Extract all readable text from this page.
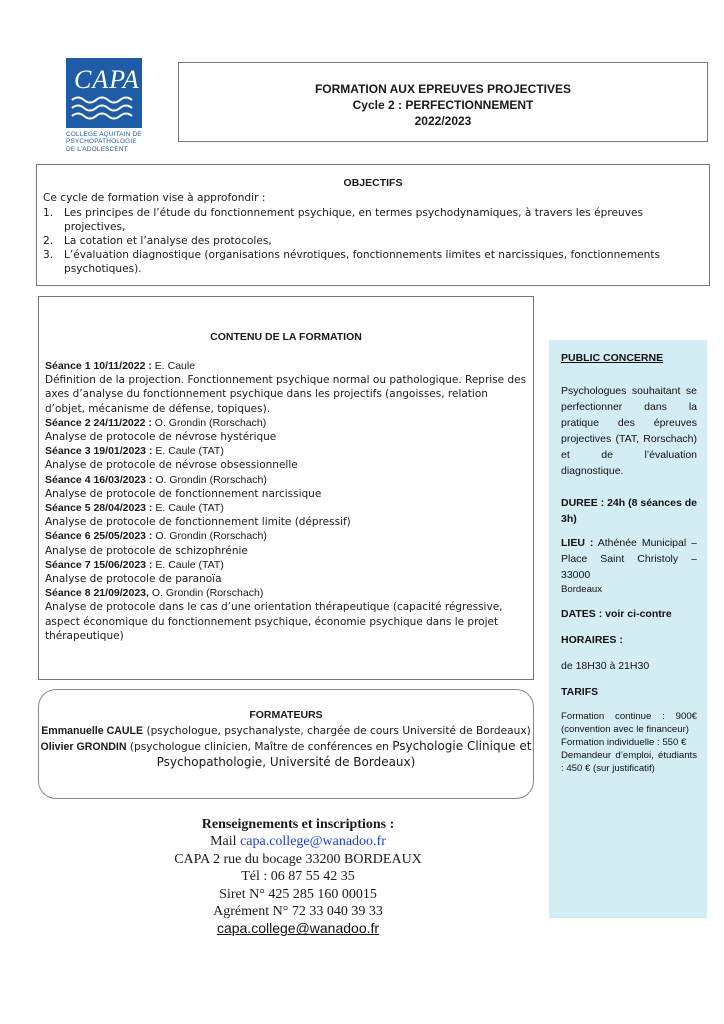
CAPA
COLLEGE AQUITAIN DE
PSYCHOPATHOLOGIE
DE L'ADOLESCENT
FORMATION AUX EPREUVES PROJECTIVES
Cycle 2 : PERFECTIONNEMENT
2022/2023
OBJECTIFS
Ce cycle de formation vise à approfondir :
1. Les principes de l’étude du fonctionnement psychique, en termes psychodynamiques, à travers les épreuves projectives,
2. La cotation et l’analyse des protocoles,
3. L’évaluation diagnostique (organisations névrotiques, fonctionnements limites et narcissiques, fonctionnements psychotiques).
CONTENU DE LA FORMATION
Séance 1 10/11/2022 : E. Caule
Définition de la projection. Fonctionnement psychique normal ou pathologique. Reprise des axes d’analyse du fonctionnement psychique dans les projectifs (angoisses, relation d’objet, mécanisme de défense, topiques).
Séance 2 24/11/2022 : O. Grondin (Rorschach)
Analyse de protocole de névrose hystérique
Séance 3 19/01/2023 : E. Caule (TAT)
Analyse de protocole de névrose obsessionnelle
Séance 4 16/03/2023 : O. Grondin (Rorschach)
Analyse de protocole de fonctionnement narcissique
Séance 5 28/04/2023 : E. Caule (TAT)
Analyse de protocole de fonctionnement limite (dépressif)
Séance 6 25/05/2023 : O. Grondin (Rorschach)
Analyse de protocole de schizophrénie
Séance 7 15/06/2023 : E. Caule (TAT)
Analyse de protocole de paranoïa
Séance 8 21/09/2023, O. Grondin (Rorschach)
Analyse de protocole dans le cas d’une orientation thérapeutique (capacité régressive, aspect économique du fonctionnement psychique, économie psychique dans le projet thérapeutique)
FORMATEURS
Emmanuelle CAULE (psychologue, psychanalyste, chargée de cours Université de Bordeaux)
Olivier GRONDIN (psychologue clinicien, Maître de conférences en Psychologie Clinique et Psychopathologie, Université de Bordeaux)
Renseignements et inscriptions :
Mail capa.college@wanadoo.fr
CAPA 2 rue du bocage 33200 BORDEAUX
Tél : 06 87 55 42 35
Siret N° 425 285 160 00015
Agrément N° 72 33 040 39 33
capa.college@wanadoo.fr

PUBLIC CONCERNE

Psychologues souhaitant se perfectionner dans la pratique des épreuves projectives (TAT, Rorschach) et de l’évaluation diagnostique.

DUREE : 24h (8 séances de 3h)

LIEU : Athénée Municipal – Place Saint Christoly – 33000

Bordeaux

DATES : voir ci-contre

HORAIRES :

de 18H30 à 21H30

TARIFS

Formation continue : 900€ (convention avec le financeur)

Formation individuelle : 550 €

Demandeur d’emploi, étudiants : 450 € (sur justificatif)
